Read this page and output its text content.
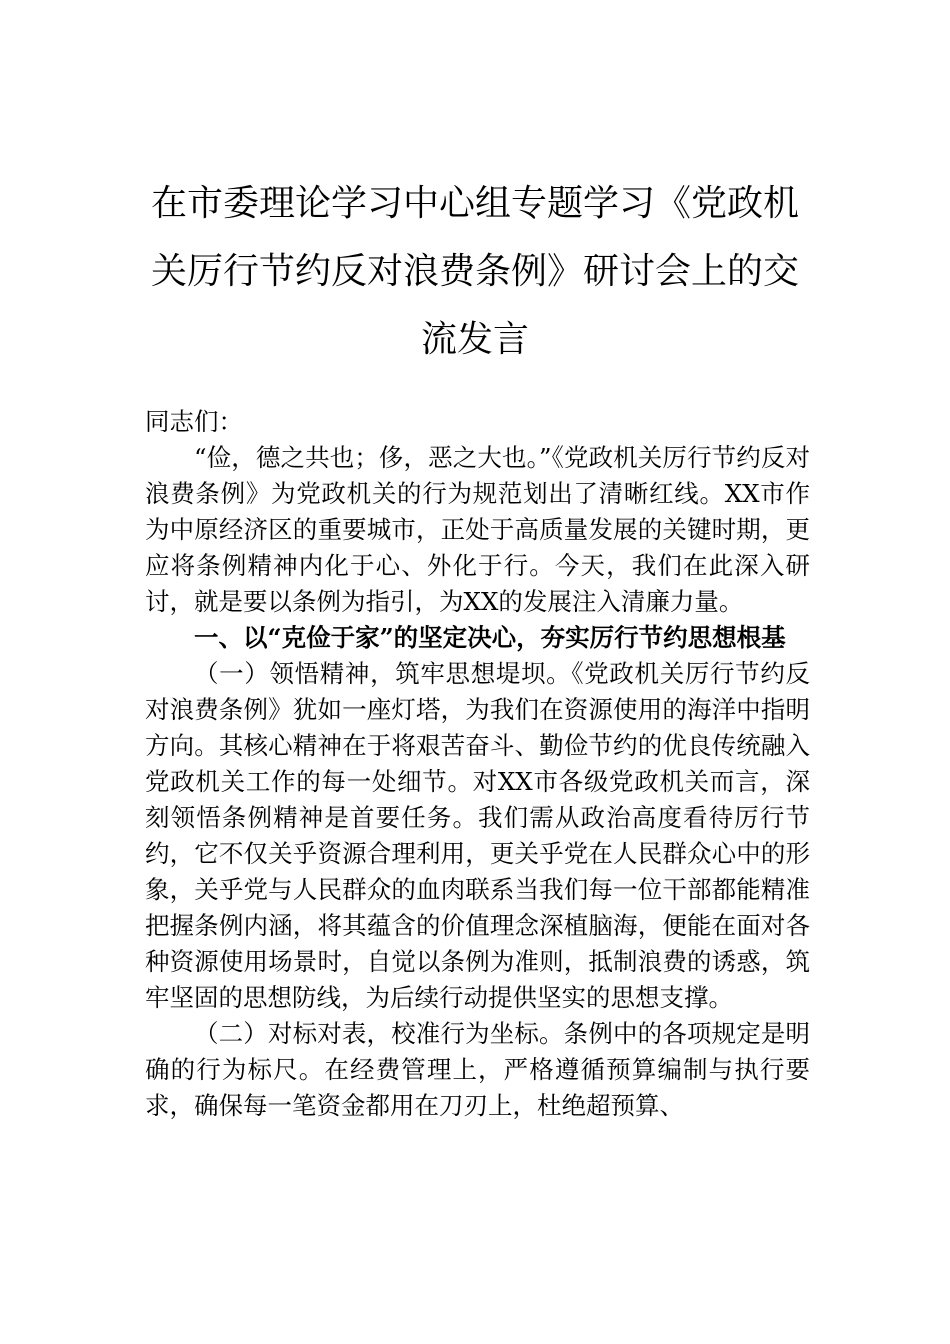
在市委理论学习中心组专题学习《党政机关厉行节约反对浪费条例》研讨会上的交流发言

同志们：

“俭，德之共也；侈，恶之大也。”《党政机关厉行节约反对浪费条例》为党政机关的行为规范划出了清晰红线。XX市作为中原经济区的重要城市，正处于高质量发展的关键时期，更应将条例精神内化于心、外化于行。今天，我们在此深入研讨，就是要以条例为指引，为XX的发展注入清廉力量。

一、以“克俭于家”的坚定决心，夯实厉行节约思想根基

（一）领悟精神，筑牢思想堤坝。《党政机关厉行节约反对浪费条例》犹如一座灯塔，为我们在资源使用的海洋中指明方向。其核心精神在于将艰苦奋斗、勤俭节约的优良传统融入党政机关工作的每一处细节。对XX市各级党政机关而言，深刻领悟条例精神是首要任务。我们需从政治高度看待厉行节约，它不仅关乎资源合理利用，更关乎党在人民群众心中的形象，关乎党与人民群众的血肉联系当我们每一位干部都能精准把握条例内涵，将其蕴含的价值理念深植脑海，便能在面对各种资源使用场景时，自觉以条例为准则，抵制浪费的诱惑，筑牢坚固的思想防线，为后续行动提供坚实的思想支撑。

（二）对标对表，校准行为坐标。条例中的各项规定是明确的行为标尺。在经费管理上，严格遵循预算编制与执行要求，确保每一笔资金都用在刀刃上，杜绝超预算、
